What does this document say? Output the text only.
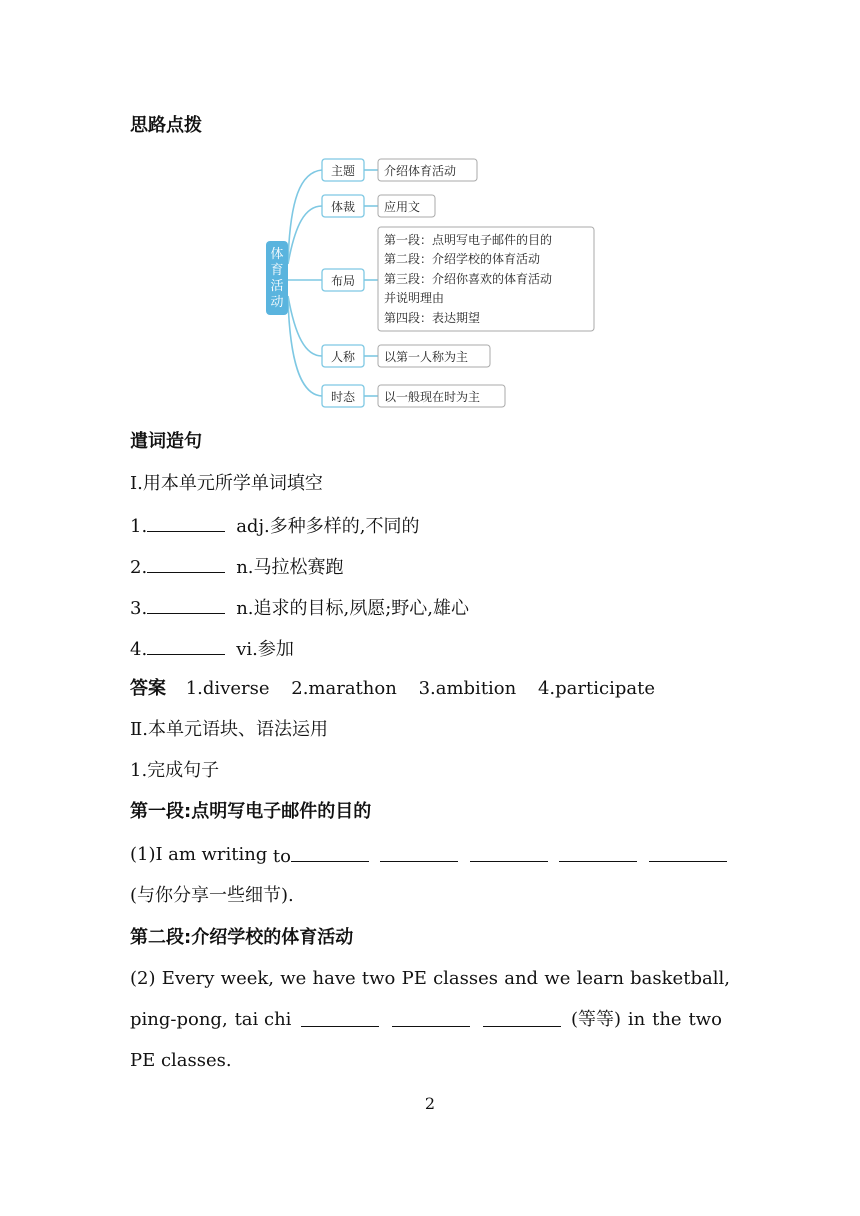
思路点拨
体
育
活
动
主题
体裁
布局
人称
时态
介绍体育活动
应用文
第一段：点明写电子邮件的目的
第二段：介绍学校的体育活动
第三段：介绍你喜欢的体育活动
并说明理由
第四段：表达期望
以第一人称为主
以一般现在时为主
遣词造句
Ⅰ.用本单元所学单词填空
1.	adj.多种多样的,不同的
2.	n.马拉松赛跑
3.	n.追求的目标,夙愿;野心,雄心
4.	vi.参加
答案 1.diverse 2.marathon 3.ambition 4.participate
Ⅱ.本单元语块、语法运用
1.完成句子
第一段:点明写电子邮件的目的
(1)I am writing to
(与你分享一些细节).
第二段:介绍学校的体育活动
(2) Every week, we have two PE classes and we learn basketball,
ping-pong, tai chi	(等等) in the two
PE classes.
2
